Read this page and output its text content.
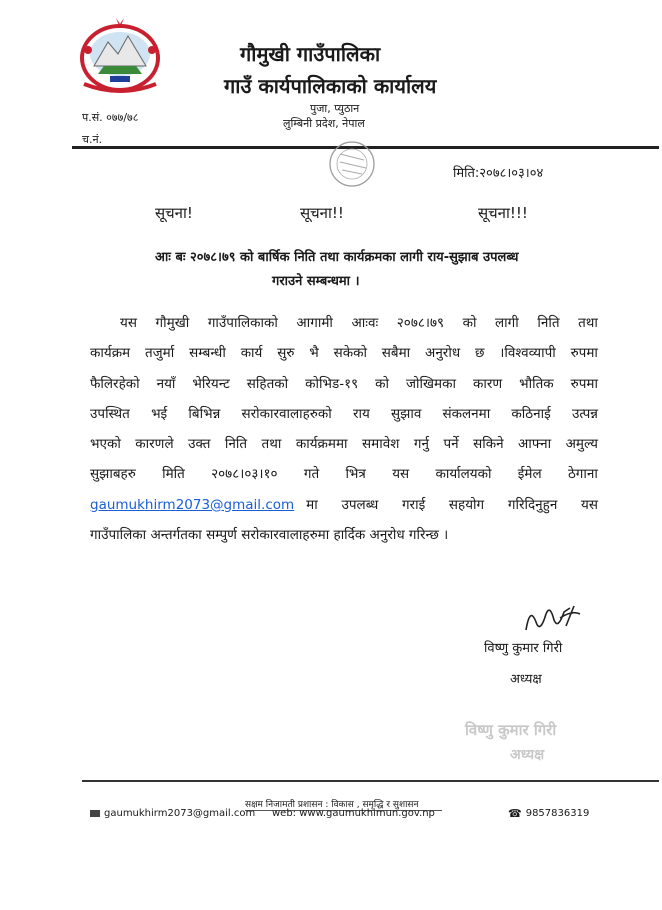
गौमुखी गाउँपालिका
गाउँ कार्यपालिकाको कार्यालय
पुजा, प्युठान
लुम्बिनी प्रदेश, नेपाल
प.सं. ०७७/७८
च.नं.
मिति:२०७८।०३।०४
सूचना!	सूचना!!	सूचना!!!
आः बः २०७८।७९ को बार्षिक निति तथा कार्यक्रमका लागी राय-सुझाब उपलब्ध
गराउने सम्बन्धमा ।
यस गौमुखी गाउँपालिकाको आगामी आःवः २०७८।७९ को लागी निति तथा
कार्यक्रम तजुर्मा सम्बन्धी कार्य सुरु भै सकेको सबैमा अनुरोध छ ।विश्वव्यापी रुपमा
फैलिरहेको नयाँ भेरियन्ट सहितको कोभिड-१९ को जोखिमका कारण भौतिक रुपमा
उपस्थित भई बिभिन्न सरोकारवालाहरुको राय सुझाव संकलनमा कठिनाई उत्पन्न
भएको कारणले उक्त निति तथा कार्यक्रममा समावेश गर्नु पर्ने सकिने आफ्ना अमुल्य
सुझाबहरु मिति २०७८।०३।१० गते भित्र यस कार्यालयको ईमेल ठेगाना
gaumukhirm2073@gmail.com मा उपलब्ध गराई सहयोग गरिदिनुहुन यस
गाउँपालिका अन्तर्गतका सम्पुर्ण सरोकारवालाहरुमा हार्दिक अनुरोध गरिन्छ ।
विष्णु कुमार गिरी
अध्यक्ष
विष्णु कुमार गिरी
अध्यक्ष
सक्षम निजामती प्रशासन : विकास , समृद्धि र सुशासन
gaumukhirm2073@gmail.com web: www.gaumukhimun.gov.np	☎ 9857836319
